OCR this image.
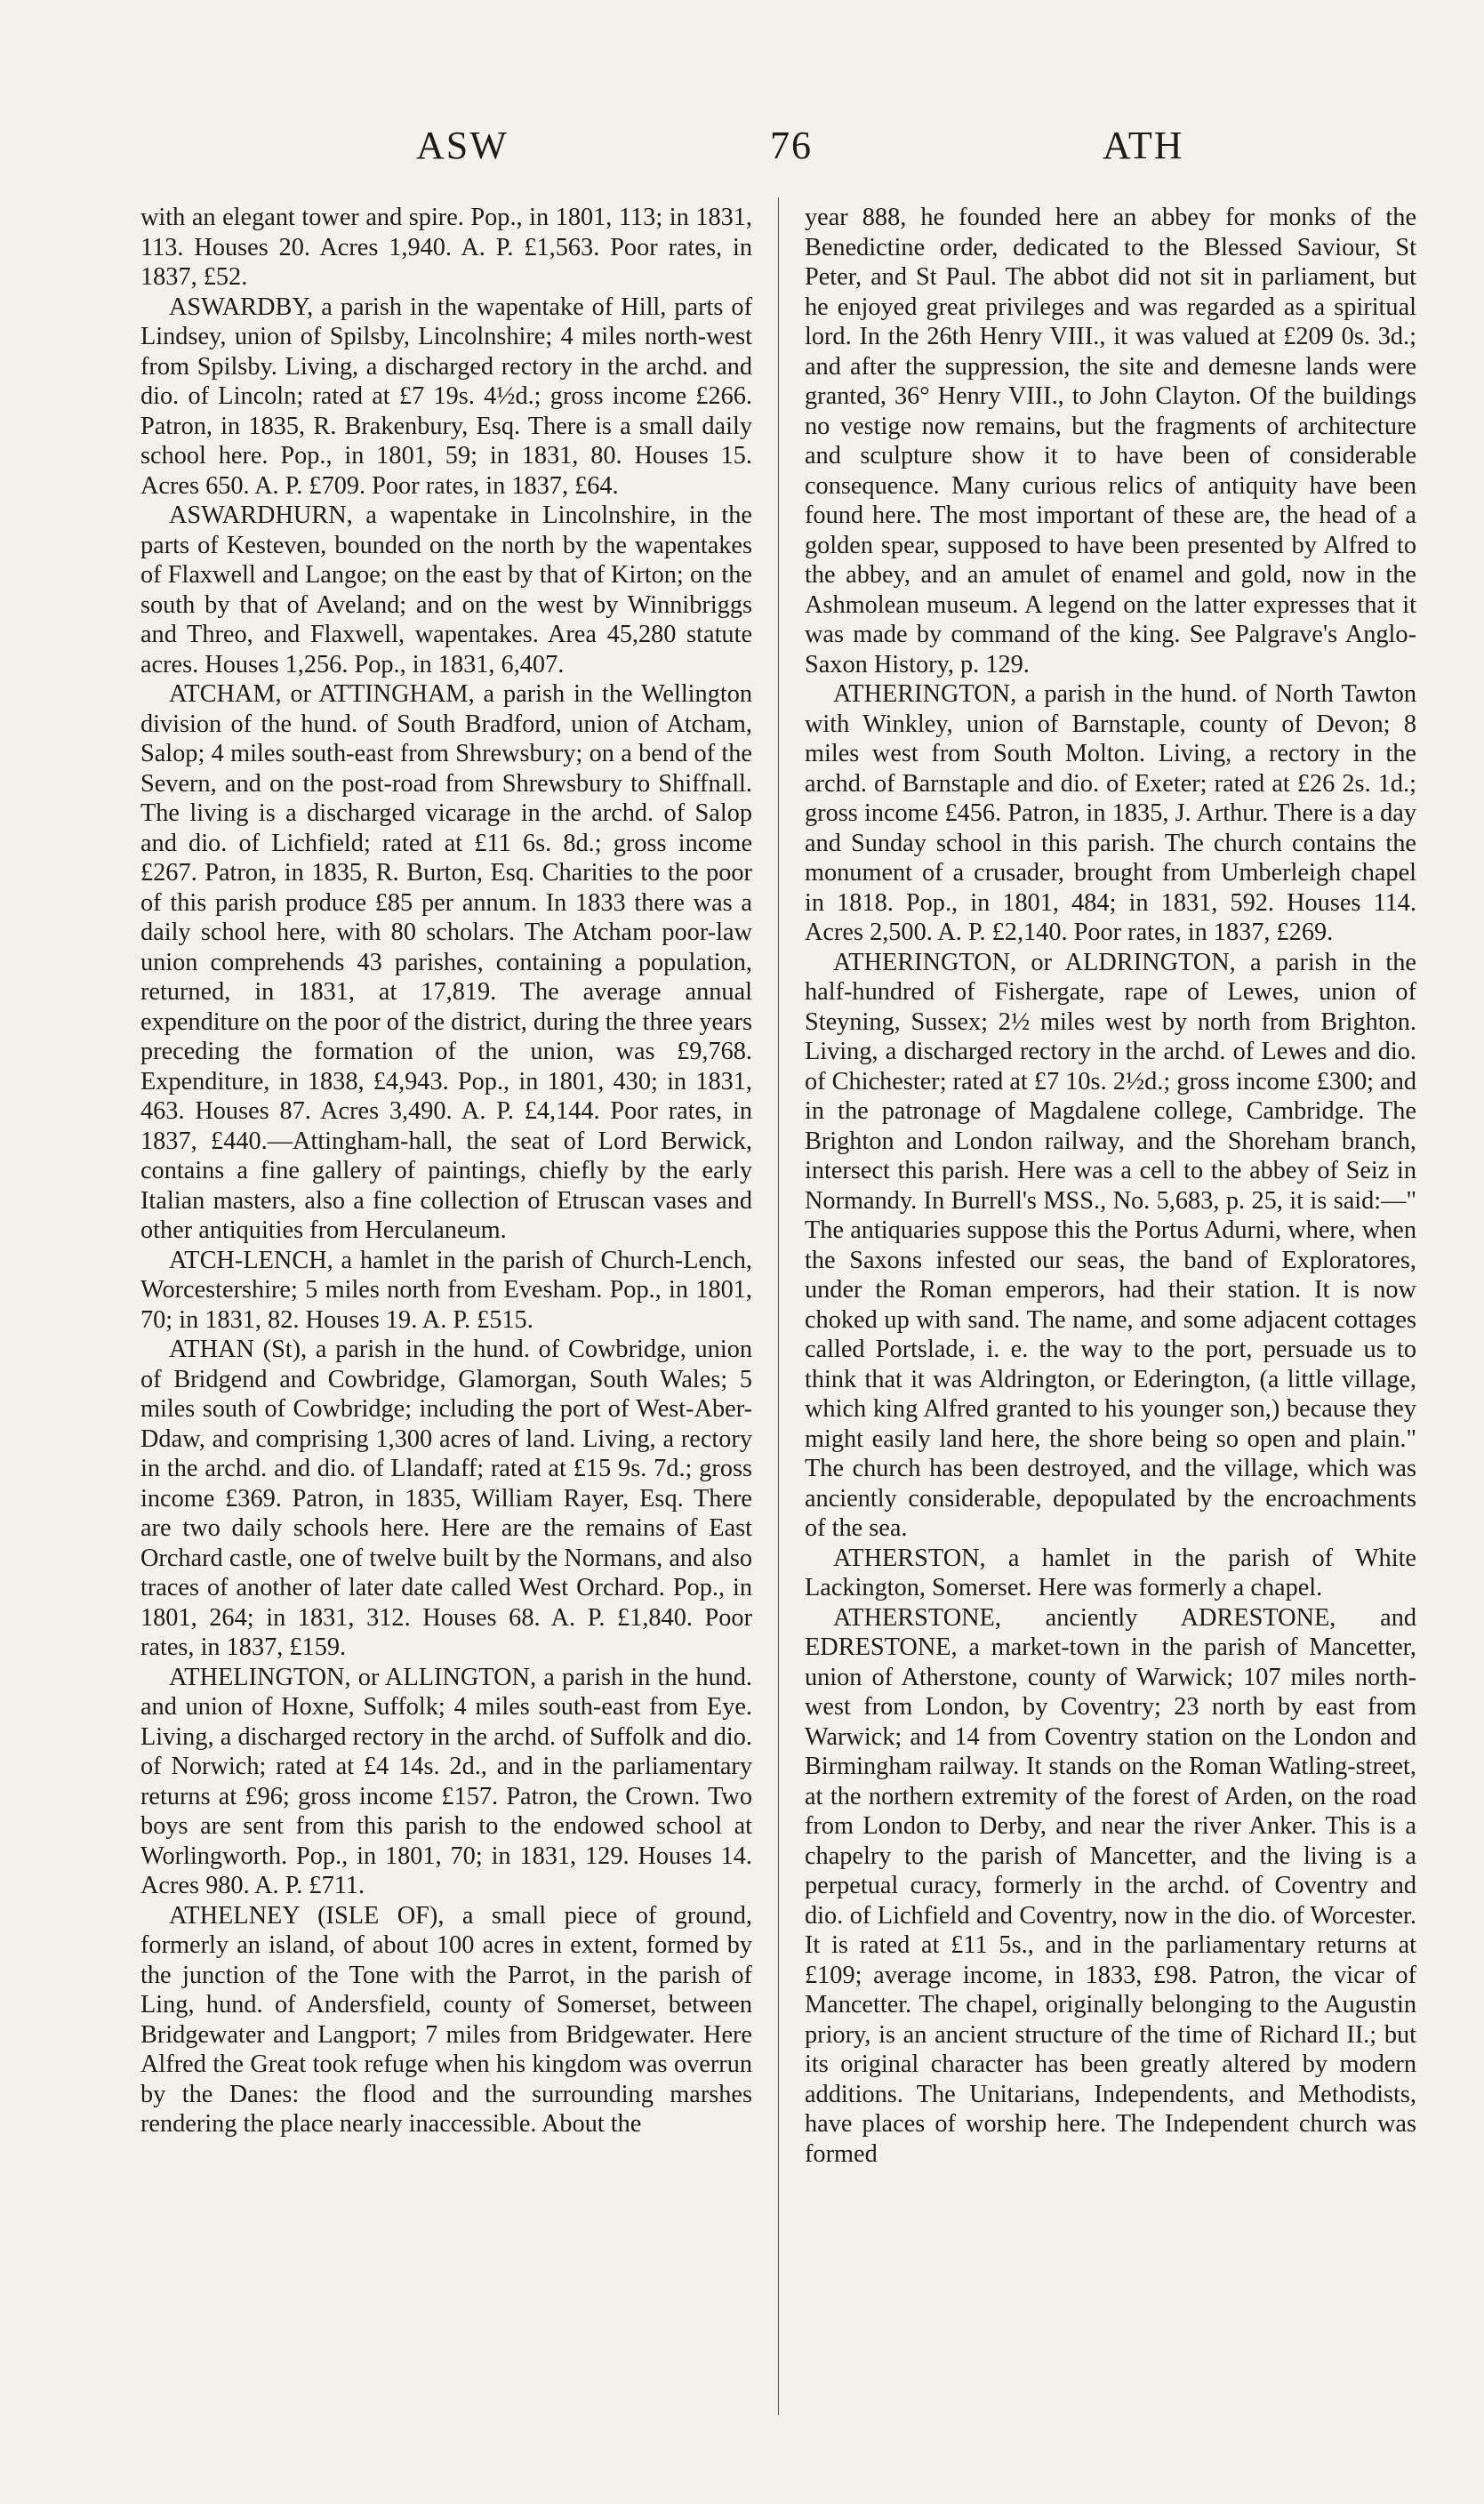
ASW	76	ATH

with an elegant tower and spire. Pop., in 1801, 113; in 1831, 113. Houses 20. Acres 1,940. A. P. £1,563. Poor rates, in 1837, £52.

ASWARDBY, a parish in the wapentake of Hill, parts of Lindsey, union of Spilsby, Lincolnshire; 4 miles north-west from Spilsby. Living, a discharged rectory in the archd. and dio. of Lincoln; rated at £7 19s. 4½d.; gross income £266. Patron, in 1835, R. Brakenbury, Esq. There is a small daily school here. Pop., in 1801, 59; in 1831, 80. Houses 15. Acres 650. A. P. £709. Poor rates, in 1837, £64.

ASWARDHURN, a wapentake in Lincolnshire, in the parts of Kesteven, bounded on the north by the wapentakes of Flaxwell and Langoe; on the east by that of Kirton; on the south by that of Aveland; and on the west by Winnibriggs and Threo, and Flaxwell, wapentakes. Area 45,280 statute acres. Houses 1,256. Pop., in 1831, 6,407.

ATCHAM, or ATTINGHAM, a parish in the Wellington division of the hund. of South Bradford, union of Atcham, Salop; 4 miles south-east from Shrewsbury; on a bend of the Severn, and on the post-road from Shrewsbury to Shiffnall. The living is a discharged vicarage in the archd. of Salop and dio. of Lichfield; rated at £11 6s. 8d.; gross income £267. Patron, in 1835, R. Burton, Esq. Charities to the poor of this parish produce £85 per annum. In 1833 there was a daily school here, with 80 scholars. The Atcham poor-law union comprehends 43 parishes, containing a population, returned, in 1831, at 17,819. The average annual expenditure on the poor of the district, during the three years preceding the formation of the union, was £9,768. Expenditure, in 1838, £4,943. Pop., in 1801, 430; in 1831, 463. Houses 87. Acres 3,490. A. P. £4,144. Poor rates, in 1837, £440.—Attingham-hall, the seat of Lord Berwick, contains a fine gallery of paintings, chiefly by the early Italian masters, also a fine collection of Etruscan vases and other antiquities from Herculaneum.

ATCH-LENCH, a hamlet in the parish of Church-Lench, Worcestershire; 5 miles north from Evesham. Pop., in 1801, 70; in 1831, 82. Houses 19. A. P. £515.

ATHAN (St), a parish in the hund. of Cowbridge, union of Bridgend and Cowbridge, Glamorgan, South Wales; 5 miles south of Cowbridge; including the port of West-Aber-Ddaw, and comprising 1,300 acres of land. Living, a rectory in the archd. and dio. of Llandaff; rated at £15 9s. 7d.; gross income £369. Patron, in 1835, William Rayer, Esq. There are two daily schools here. Here are the remains of East Orchard castle, one of twelve built by the Normans, and also traces of another of later date called West Orchard. Pop., in 1801, 264; in 1831, 312. Houses 68. A. P. £1,840. Poor rates, in 1837, £159.

ATHELINGTON, or ALLINGTON, a parish in the hund. and union of Hoxne, Suffolk; 4 miles south-east from Eye. Living, a discharged rectory in the archd. of Suffolk and dio. of Norwich; rated at £4 14s. 2d., and in the parliamentary returns at £96; gross income £157. Patron, the Crown. Two boys are sent from this parish to the endowed school at Worlingworth. Pop., in 1801, 70; in 1831, 129. Houses 14. Acres 980. A. P. £711.

ATHELNEY (ISLE OF), a small piece of ground, formerly an island, of about 100 acres in extent, formed by the junction of the Tone with the Parrot, in the parish of Ling, hund. of Andersfield, county of Somerset, between Bridgewater and Langport; 7 miles from Bridgewater. Here Alfred the Great took refuge when his kingdom was overrun by the Danes: the flood and the surrounding marshes rendering the place nearly inaccessible. About the

year 888, he founded here an abbey for monks of the Benedictine order, dedicated to the Blessed Saviour, St Peter, and St Paul. The abbot did not sit in parliament, but he enjoyed great privileges and was regarded as a spiritual lord. In the 26th Henry VIII., it was valued at £209 0s. 3d.; and after the suppression, the site and demesne lands were granted, 36° Henry VIII., to John Clayton. Of the buildings no vestige now remains, but the fragments of architecture and sculpture show it to have been of considerable consequence. Many curious relics of antiquity have been found here. The most important of these are, the head of a golden spear, supposed to have been presented by Alfred to the abbey, and an amulet of enamel and gold, now in the Ashmolean museum. A legend on the latter expresses that it was made by command of the king. See Palgrave's Anglo-Saxon History, p. 129.

ATHERINGTON, a parish in the hund. of North Tawton with Winkley, union of Barnstaple, county of Devon; 8 miles west from South Molton. Living, a rectory in the archd. of Barnstaple and dio. of Exeter; rated at £26 2s. 1d.; gross income £456. Patron, in 1835, J. Arthur. There is a day and Sunday school in this parish. The church contains the monument of a crusader, brought from Umberleigh chapel in 1818. Pop., in 1801, 484; in 1831, 592. Houses 114. Acres 2,500. A. P. £2,140. Poor rates, in 1837, £269.

ATHERINGTON, or ALDRINGTON, a parish in the half-hundred of Fishergate, rape of Lewes, union of Steyning, Sussex; 2½ miles west by north from Brighton. Living, a discharged rectory in the archd. of Lewes and dio. of Chichester; rated at £7 10s. 2½d.; gross income £300; and in the patronage of Magdalene college, Cambridge. The Brighton and London railway, and the Shoreham branch, intersect this parish. Here was a cell to the abbey of Seiz in Normandy. In Burrell's MSS., No. 5,683, p. 25, it is said:—" The antiquaries suppose this the Portus Adurni, where, when the Saxons infested our seas, the band of Exploratores, under the Roman emperors, had their station. It is now choked up with sand. The name, and some adjacent cottages called Portslade, i. e. the way to the port, persuade us to think that it was Aldrington, or Ederington, (a little village, which king Alfred granted to his younger son,) because they might easily land here, the shore being so open and plain." The church has been destroyed, and the village, which was anciently considerable, depopulated by the encroachments of the sea.

ATHERSTON, a hamlet in the parish of White Lackington, Somerset. Here was formerly a chapel.

ATHERSTONE, anciently ADRESTONE, and EDRESTONE, a market-town in the parish of Mancetter, union of Atherstone, county of Warwick; 107 miles north-west from London, by Coventry; 23 north by east from Warwick; and 14 from Coventry station on the London and Birmingham railway. It stands on the Roman Watling-street, at the northern extremity of the forest of Arden, on the road from London to Derby, and near the river Anker. This is a chapelry to the parish of Mancetter, and the living is a perpetual curacy, formerly in the archd. of Coventry and dio. of Lichfield and Coventry, now in the dio. of Worcester. It is rated at £11 5s., and in the parliamentary returns at £109; average income, in 1833, £98. Patron, the vicar of Mancetter. The chapel, originally belonging to the Augustin priory, is an ancient structure of the time of Richard II.; but its original character has been greatly altered by modern additions. The Unitarians, Independents, and Methodists, have places of worship here. The Independent church was formed
